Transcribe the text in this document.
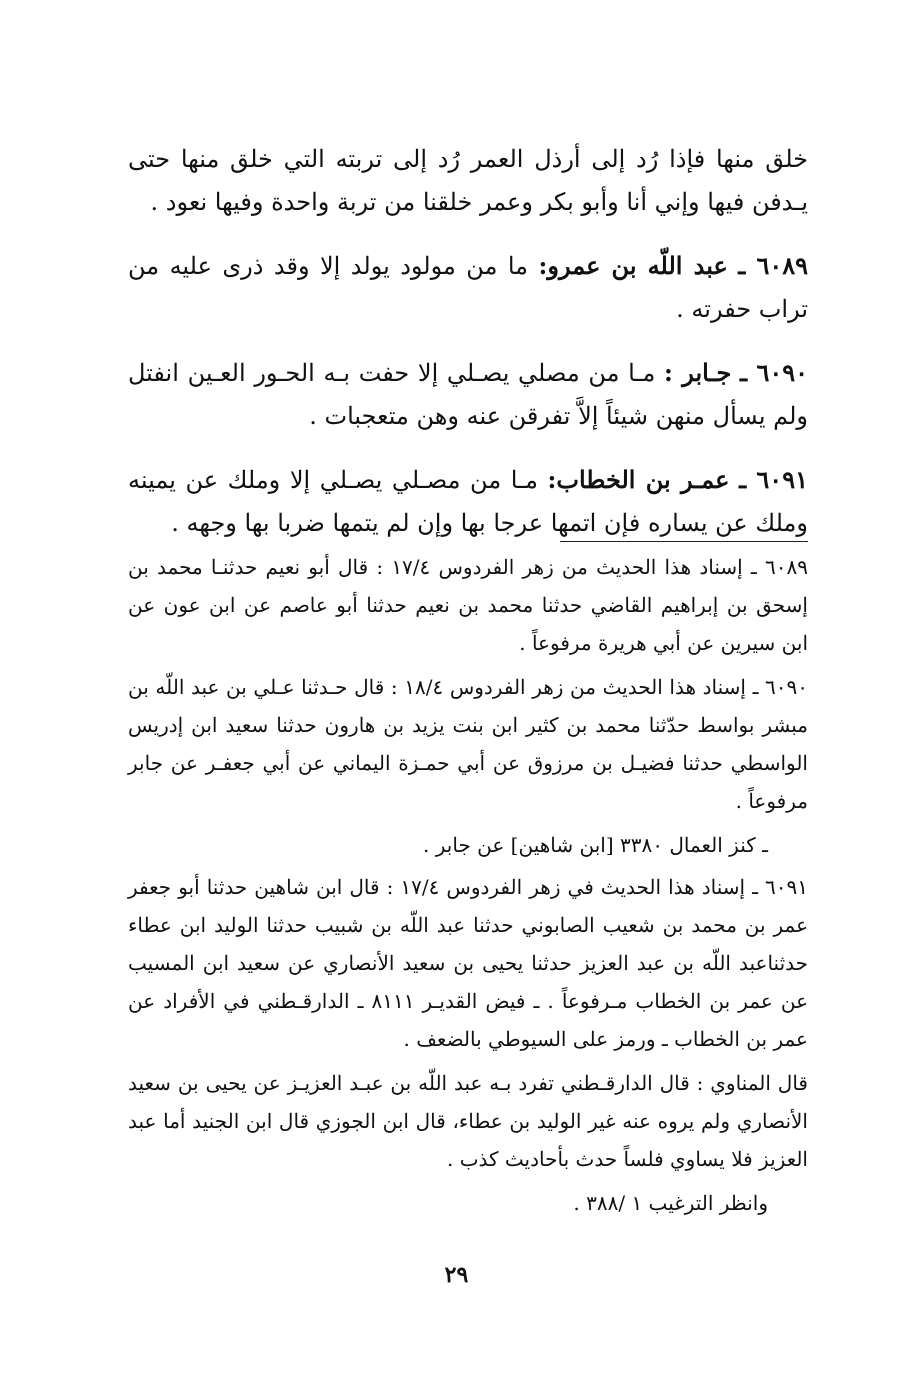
خلق منها فإذا رُد إلى أرذل العمر رُد إلى تربته التي خلق منها حتى يـدفن فيها وإني أنا وأبو بكر وعمر خلقنا من تربة واحدة وفيها نعود .

٦٠٨٩ ـ عبد اللّه بن عمرو: ما من مولود يولد إلا وقد ذرى عليه من تراب حفرته .

٦٠٩٠ ـ جـابر : مـا من مصلي يصـلي إلا حفت بـه الحـور العـين انفتل ولم يسأل منهن شيئاً إلاَّ تفرقن عنه وهن متعجبات .

٦٠٩١ ـ عمـر بن الخطاب: مـا من مصـلي يصـلي إلا وملك عن يمينه وملك عن يساره فإن اتمها عرجا بها وإن لم يتمها ضربا بها وجهه .

٦٠٨٩ ـ إسناد هذا الحديث من زهر الفردوس ١٧/٤ : قال أبو نعيم حدثنـا محمد بن إسحق بن إبراهيم القاضي حدثنا محمد بن نعيم حدثنا أبو عاصم عن ابن عون عن ابن سيرين عن أبي هريرة مرفوعاً .

٦٠٩٠ ـ إسناد هذا الحديث من زهر الفردوس ١٨/٤ : قال حـدثنا عـلي بن عبد اللّه بن مبشر بواسط حدّثنا محمد بن كثير ابن بنت يزيد بن هارون حدثنا سعيد ابن إدريس الواسطي حدثنا فضيـل بن مرزوق عن أبي حمـزة اليماني عن أبي جعفـر عن جابر مرفوعاً .

ـ كنز العمال ٣٣٨٠ [ابن شاهين] عن جابر .

٦٠٩١ ـ إسناد هذا الحديث في زهر الفردوس ١٧/٤ : قال ابن شاهين حدثنا أبو جعفر عمر بن محمد بن شعيب الصابوني حدثنا عبد اللّه بن شبيب حدثنا الوليد ابن عطاء حدثناعبد اللّه بن عبد العزيز حدثنا يحيى بن سعيد الأنصاري عن سعيد ابن المسيب عن عمر بن الخطاب مـرفوعاً . ـ فيض القديـر ٨١١١ ـ الدارقـطني في الأفراد عن عمر بن الخطاب ـ ورمز على السيوطي بالضعف .

قال المناوي : قال الدارقـطني تفرد بـه عبد اللّه بن عبـد العزيـز عن يحيى بن سعيد الأنصاري ولم يروه عنه غير الوليد بن عطاء، قال ابن الجوزي قال ابن الجنيد أما عبد العزيز فلا يساوي فلساً حدث بأحاديث كذب .

وانظر الترغيب ١ /٣٨٨ .

٢٩
